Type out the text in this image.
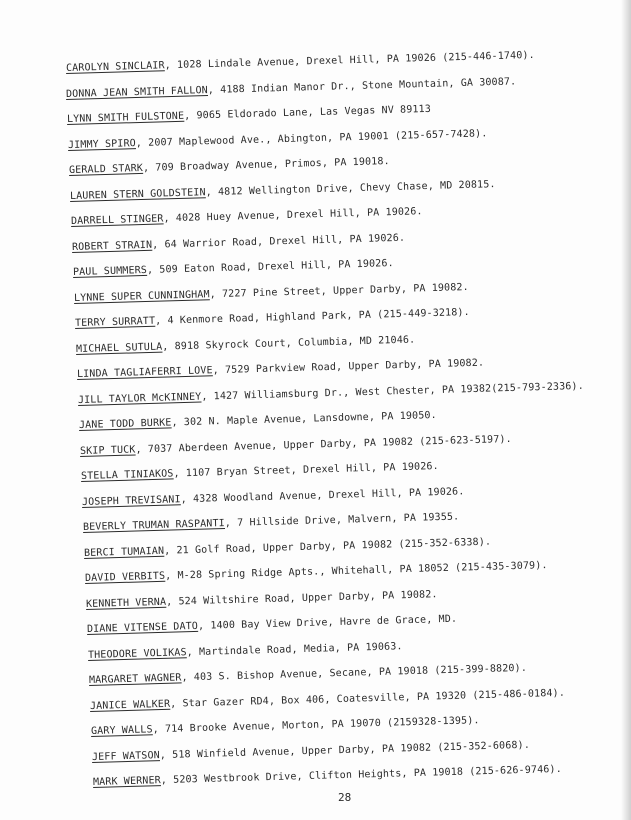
CAROLYN SINCLAIR, 1028 Lindale Avenue, Drexel Hill, PA 19026 (215-446-1740).
DONNA JEAN SMITH FALLON, 4188 Indian Manor Dr., Stone Mountain, GA 30087.
LYNN SMITH FULSTONE, 9065 Eldorado Lane, Las Vegas NV 89113
JIMMY SPIRO, 2007 Maplewood Ave., Abington, PA 19001 (215-657-7428).
GERALD STARK, 709 Broadway Avenue, Primos, PA 19018.
LAUREN STERN GOLDSTEIN, 4812 Wellington Drive, Chevy Chase, MD 20815.
DARRELL STINGER, 4028 Huey Avenue, Drexel Hill, PA 19026.
ROBERT STRAIN, 64 Warrior Road, Drexel Hill, PA 19026.
PAUL SUMMERS, 509 Eaton Road, Drexel Hill, PA 19026.
LYNNE SUPER CUNNINGHAM, 7227 Pine Street, Upper Darby, PA 19082.
TERRY SURRATT, 4 Kenmore Road, Highland Park, PA (215-449-3218).
MICHAEL SUTULA, 8918 Skyrock Court, Columbia, MD 21046.
LINDA TAGLIAFERRI LOVE, 7529 Parkview Road, Upper Darby, PA 19082.
JILL TAYLOR McKINNEY, 1427 Williamsburg Dr., West Chester, PA 19382(215-793-2336).
JANE TODD BURKE, 302 N. Maple Avenue, Lansdowne, PA 19050.
SKIP TUCK, 7037 Aberdeen Avenue, Upper Darby, PA 19082 (215-623-5197).
STELLA TINIAKOS, 1107 Bryan Street, Drexel Hill, PA 19026.
JOSEPH TREVISANI, 4328 Woodland Avenue, Drexel Hill, PA 19026.
BEVERLY TRUMAN RASPANTI, 7 Hillside Drive, Malvern, PA 19355.
BERCI TUMAIAN, 21 Golf Road, Upper Darby, PA 19082 (215-352-6338).
DAVID VERBITS, M-28 Spring Ridge Apts., Whitehall, PA 18052 (215-435-3079).
KENNETH VERNA, 524 Wiltshire Road, Upper Darby, PA 19082.
DIANE VITENSE DATO, 1400 Bay View Drive, Havre de Grace, MD.
THEODORE VOLIKAS, Martindale Road, Media, PA 19063.
MARGARET WAGNER, 403 S. Bishop Avenue, Secane, PA 19018 (215-399-8820).
JANICE WALKER, Star Gazer RD4, Box 406, Coatesville, PA 19320 (215-486-0184).
GARY WALLS, 714 Brooke Avenue, Morton, PA 19070 (2159328-1395).
JEFF WATSON, 518 Winfield Avenue, Upper Darby, PA 19082 (215-352-6068).
MARK WERNER, 5203 Westbrook Drive, Clifton Heights, PA 19018 (215-626-9746).
28
